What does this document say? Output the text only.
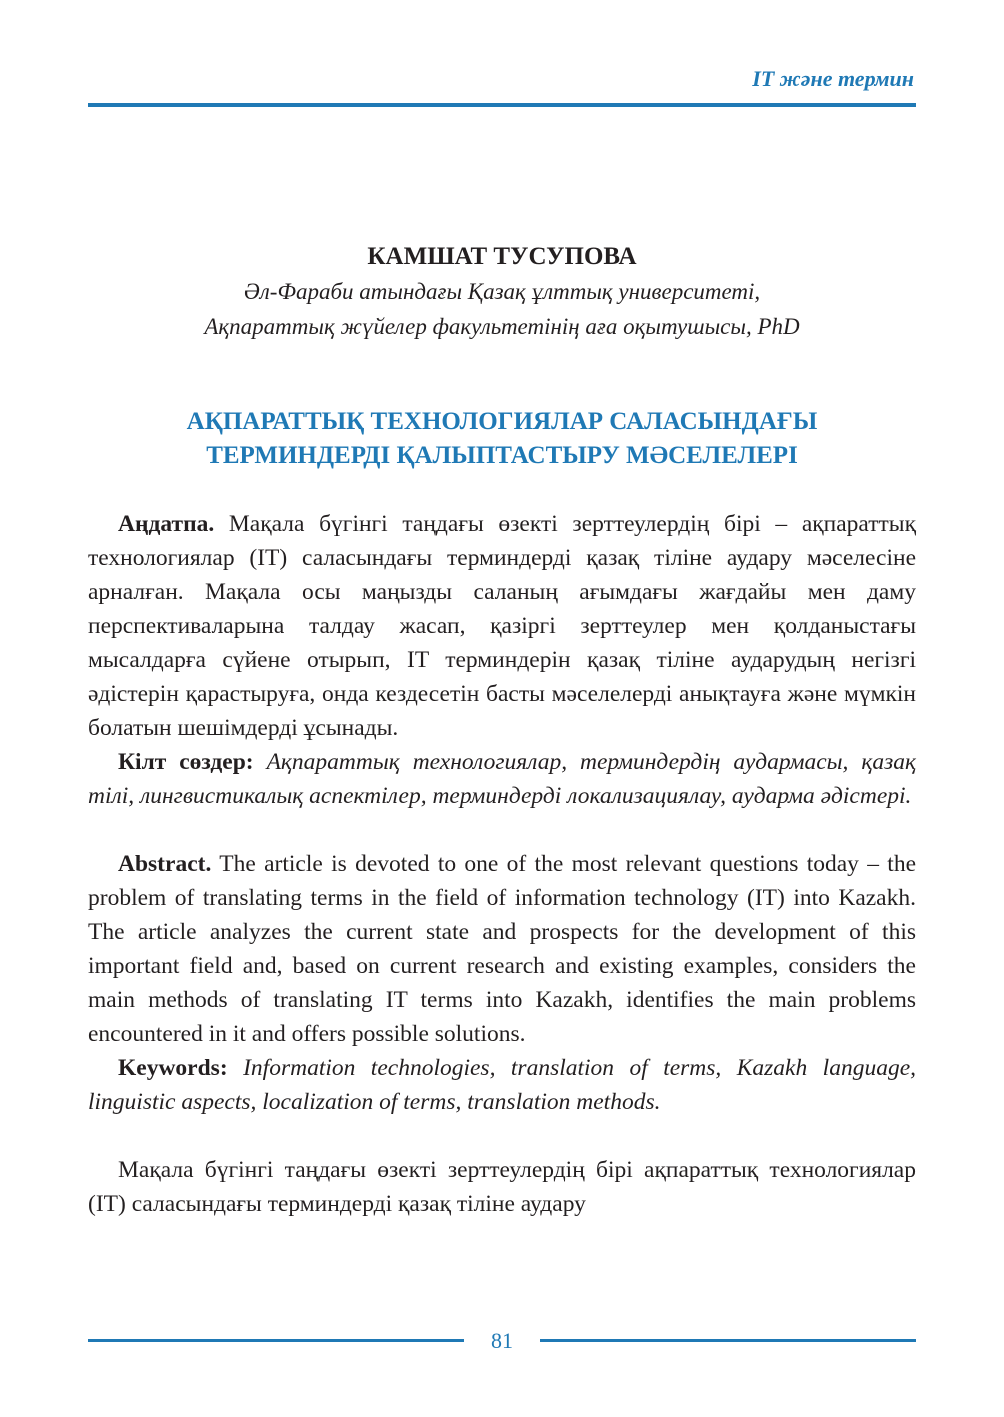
IT және термин

КАМШАТ ТУСУПОВА

Әл-Фараби атындағы Қазақ ұлттық университеті,

Ақпараттық жүйелер факультетінің аға оқытушысы, PhD

АҚПАРАТТЫҚ ТЕХНОЛОГИЯЛАР САЛАСЫНДАҒЫ
ТЕРМИНДЕРДІ ҚАЛЫПТАСТЫРУ МӘСЕЛЕЛЕРІ

Аңдатпа. Мақала бүгінгі таңдағы өзекті зерттеулердің бірі – ақпараттық технологиялар (IT) саласындағы терминдерді қазақ тіліне аудару мәселесіне арналған. Мақала осы маңызды саланың ағымдағы жағдайы мен даму перспективаларына талдау жасап, қазіргі зерттеулер мен қолданыстағы мысалдарға сүйене отырып, IT терминдерін қазақ тіліне аударудың негізгі әдістерін қарастыруға, онда кездесетін басты мәселелерді анықтауға және мүмкін болатын шешімдерді ұсынады.

Кілт сөздер: Ақпараттық технологиялар, терминдердің аудармасы, қазақ тілі, лингвистикалық аспектілер, терминдерді локализациялау, аударма әдістері.

Abstract. The article is devoted to one of the most relevant questions today – the problem of translating terms in the field of information technology (IT) into Kazakh. The article analyzes the current state and prospects for the development of this important field and, based on current research and existing examples, considers the main methods of translating IT terms into Kazakh, identifies the main problems encountered in it and offers possible solutions.

Keywords: Information technologies, translation of terms, Kazakh language, linguistic aspects, localization of terms, translation methods.

Мақала бүгінгі таңдағы өзекті зерттеулердің бірі ақпараттық технологиялар (IT) саласындағы терминдерді қазақ тіліне аудару

81
